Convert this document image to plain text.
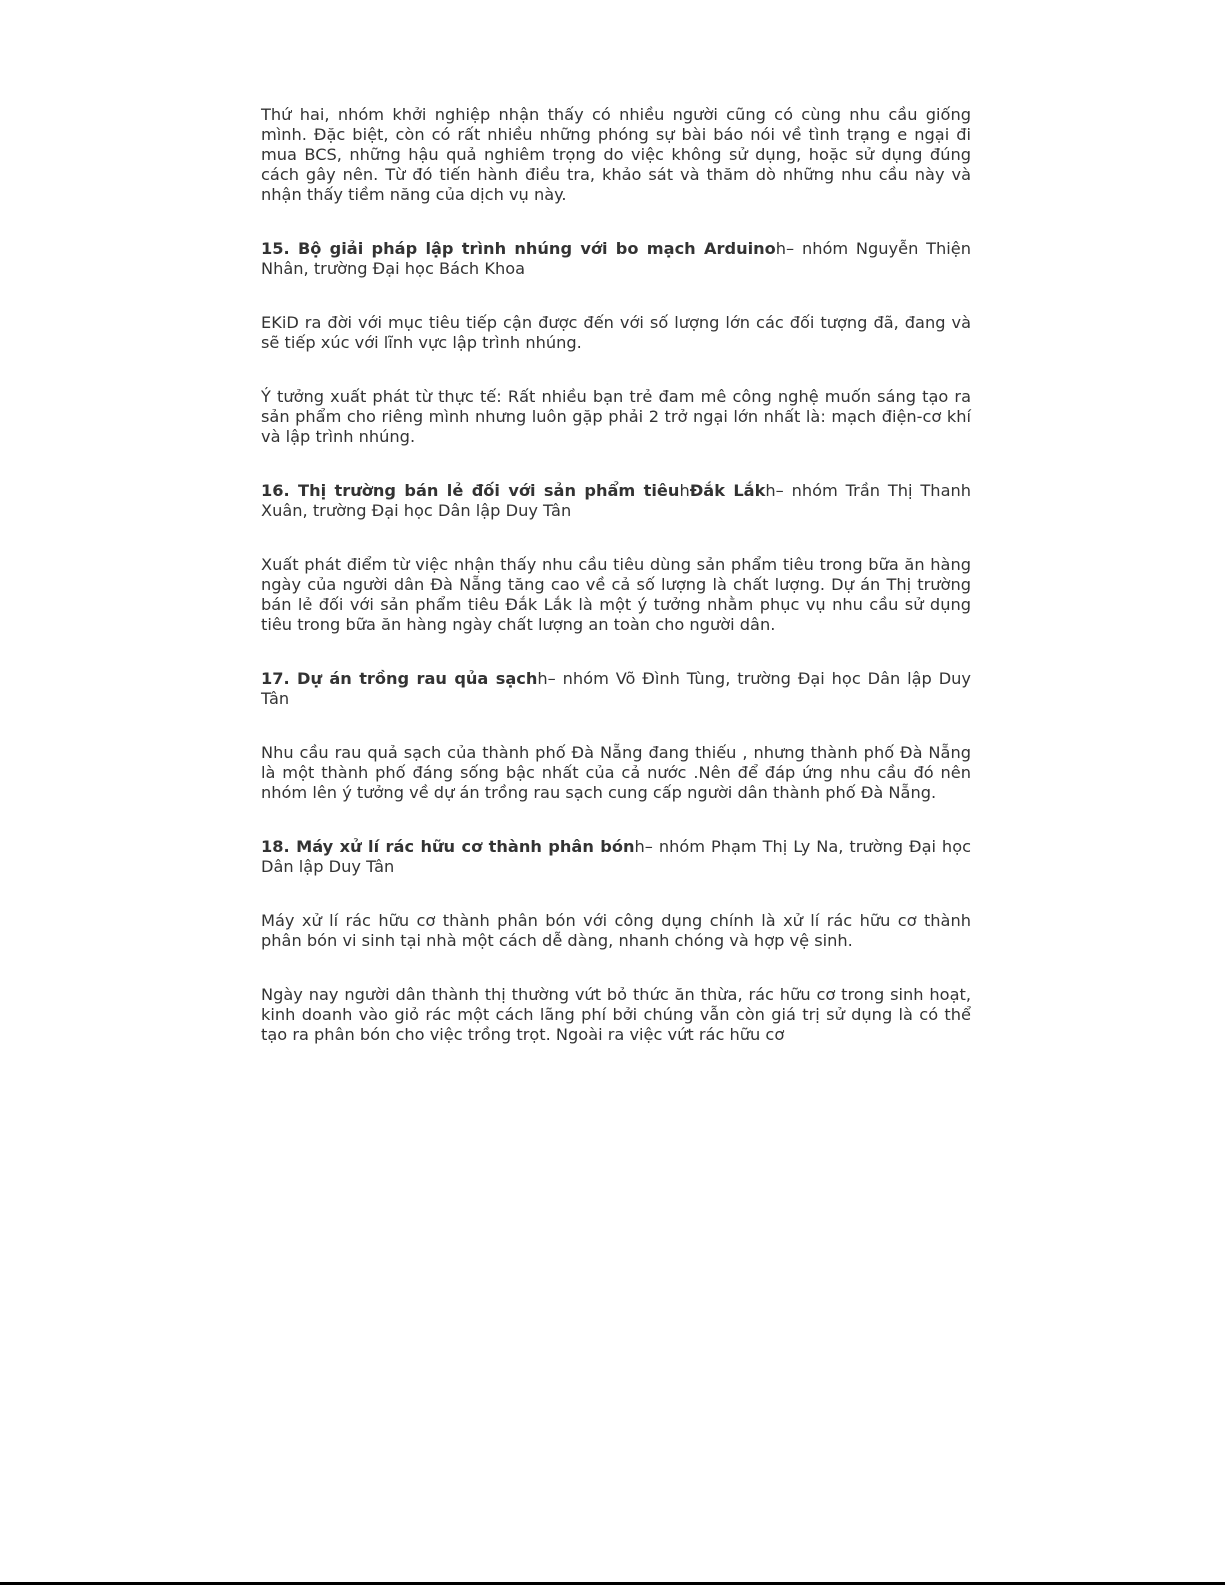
Thứ hai, nhóm khởi nghiệp nhận thấy có nhiều người cũng có cùng nhu cầu giống mình. Đặc biệt, còn có rất nhiều những phóng sự bài báo nói về tình trạng e ngại đi mua BCS, những hậu quả nghiêm trọng do việc không sử dụng, hoặc sử dụng đúng cách gây nên. Từ đó tiến hành điều tra, khảo sát và thăm dò những nhu cầu này và nhận thấy tiềm năng của dịch vụ này.

15. Bộ giải pháp lập trình nhúng với bo mạch Arduinoh– nhóm Nguyễn Thiện Nhân, trường Đại học Bách Khoa

EKiD ra đời với mục tiêu tiếp cận được đến với số lượng lớn các đối tượng đã, đang và sẽ tiếp xúc với lĩnh vực lập trình nhúng.

Ý tưởng xuất phát từ thực tế: Rất nhiều bạn trẻ đam mê công nghệ muốn sáng tạo ra sản phẩm cho riêng mình nhưng luôn gặp phải 2 trở ngại lớn nhất là: mạch điện-cơ khí và lập trình nhúng.

16. Thị trường bán lẻ đối với sản phẩm tiêuhĐắk Lắkh– nhóm Trần Thị Thanh Xuân, trường Đại học Dân lập Duy Tân

Xuất phát điểm từ việc nhận thấy nhu cầu tiêu dùng sản phẩm tiêu trong bữa ăn hàng ngày của người dân Đà Nẵng tăng cao về cả số lượng là chất lượng. Dự án Thị trường bán lẻ đối với sản phẩm tiêu Đắk Lắk là một ý tưởng nhằm phục vụ nhu cầu sử dụng tiêu trong bữa ăn hàng ngày chất lượng an toàn cho người dân.

17. Dự án trồng rau qủa sạchh– nhóm Võ Đình Tùng, trường Đại học Dân lập Duy Tân

Nhu cầu rau quả sạch của thành phố Đà Nẵng đang thiếu , nhưng thành phố Đà Nẵng là một thành phố đáng sống bậc nhất của cả nước .Nên để đáp ứng nhu cầu đó nên nhóm lên ý tưởng về dự án trồng rau sạch cung cấp người dân thành phố Đà Nẵng.

18. Máy xử lí rác hữu cơ thành phân bónh– nhóm Phạm Thị Ly Na, trường Đại học Dân lập Duy Tân

Máy xử lí rác hữu cơ thành phân bón với công dụng chính là xử lí rác hữu cơ thành phân bón vi sinh tại nhà một cách dễ dàng, nhanh chóng và hợp vệ sinh.

Ngày nay người dân thành thị thường vứt bỏ thức ăn thừa, rác hữu cơ trong sinh hoạt, kinh doanh vào giỏ rác một cách lãng phí bởi chúng vẫn còn giá trị sử dụng là có thể tạo ra phân bón cho việc trồng trọt. Ngoài ra việc vứt rác hữu cơ
